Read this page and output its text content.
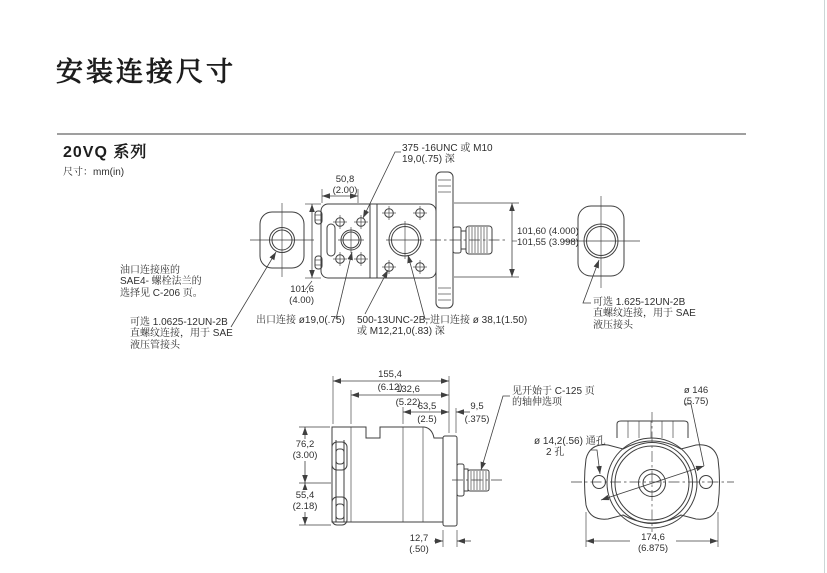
安装连接尺寸
20VQ 系列
尺寸：mm(in)
375 -16UNC 或 M10
19,0(.75) 深
50,8
(2.00)
101,60 (4.000)
101,55 (3.998)
101,6
(4.00)
油口连接座的
SAE4- 螺栓法兰的
选择见 C-206 页。
可选 1.0625-12UN-2B
直螺纹连接，用于 SAE
液压管接头
出口连接 ø19,0(.75) 500-13UNC-2B,
或 M12,21,0(.83) 深
进口连接 ø 38,1(1.50)
可选 1.625-12UN-2B
直螺纹连接，用于 SAE
液压接头
155,4
(6.12)
132,6
(5.22)
63,5
(2.5)
9,5
(.375)
见开始于 C-125 页
的轴伸选项
76,2
(3.00)
55,4
(2.18)
12,7
(.50)
ø 146
(5.75)
ø 14,2(.56) 通孔
2 孔
174,6
(6.875)
